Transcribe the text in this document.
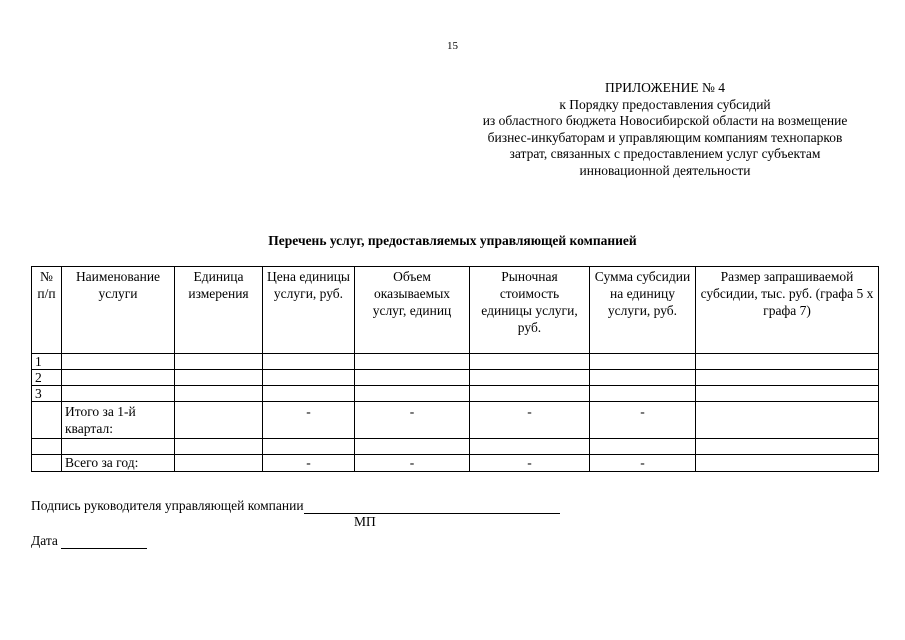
15
ПРИЛОЖЕНИЕ № 4
к Порядку предоставления субсидий
из областного бюджета Новосибирской области на возмещение
бизнес-инкубаторам и управляющим компаниям технопарков
затрат, связанных с предоставлением услуг субъектам
инновационной деятельности
Перечень услуг, предоставляемых управляющей компанией
№ п/п	Наименование услуги	Единица измерения	Цена единицы услуги, руб.	Объем оказываемых услуг, единиц	Рыночная стоимость единицы услуги, руб.	Сумма субсидии на единицу услуги, руб.	Размер запрашиваемой субсидии, тыс. руб. (графа 5 х графа 7)
1							
2							
3							
	Итого за 1-й квартал:		-	-	-	-	

	Всего за год:		-	-	-	-	
Подпись руководителя управляющей компании
МП
Дата
